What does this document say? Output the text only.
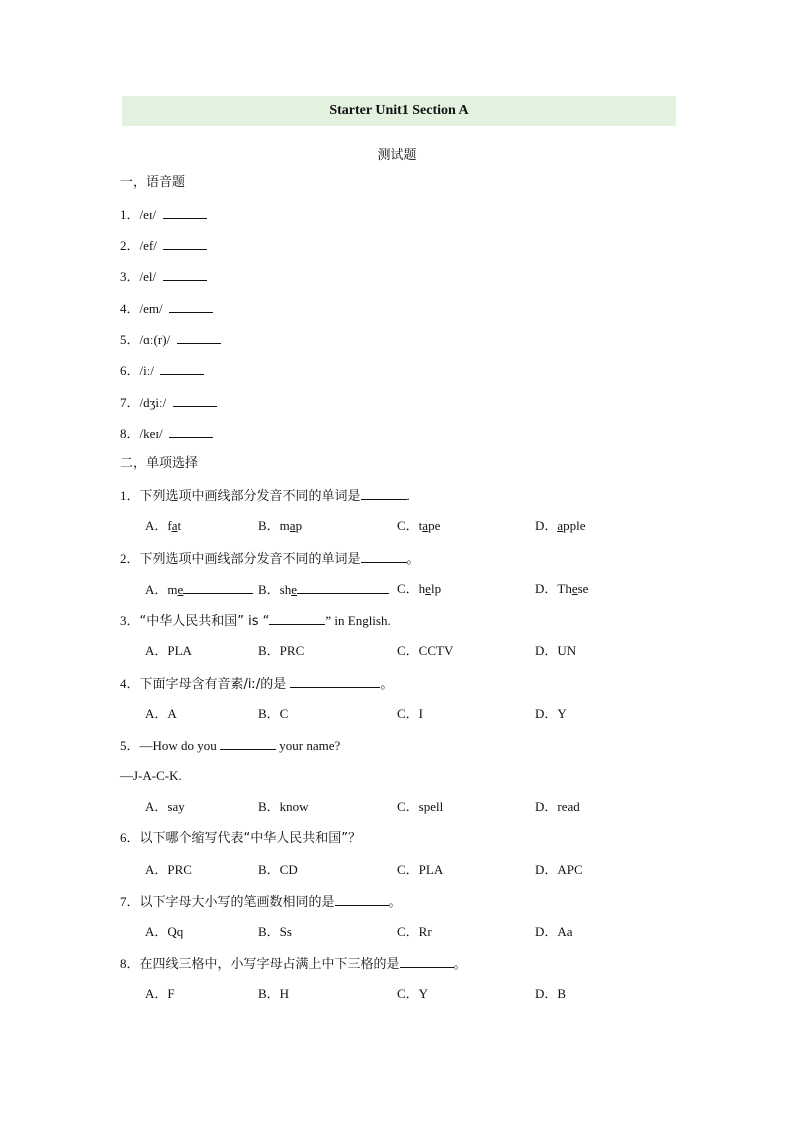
Starter Unit1 Section A
测试题
一，语音题
1．/eɪ/
2．/ef/
3．/el/
4．/em/
5．/ɑː(r)/
6．/iː/
7．/dʒiː/
8．/keɪ/
二，单项选择
1．下列选项中画线部分发音不同的单词是	.
A．fat	B．map	C．tape	D．apple
2．下列选项中画线部分发音不同的单词是	。
A．me	B．she	C．help	D．These
3．“中华人民共和国” is “	” in English.
A．PLA	B．PRC	C．CCTV	D．UN
4．下面字母含有音素/iː/的是	。
A．A	B．C	C．I	D．Y
5．—How do you	your name?
—J-A-C-K.
A．say	B．know	C．spell	D．read
6．以下哪个缩写代表“中华人民共和国”？
A．PRC	B．CD	C．PLA	D．APC
7．以下字母大小写的笔画数相同的是	。
A．Qq	B．Ss	C．Rr	D．Aa
8．在四线三格中，小写字母占满上中下三格的是	。
A．F	B．H	C．Y	D．B
